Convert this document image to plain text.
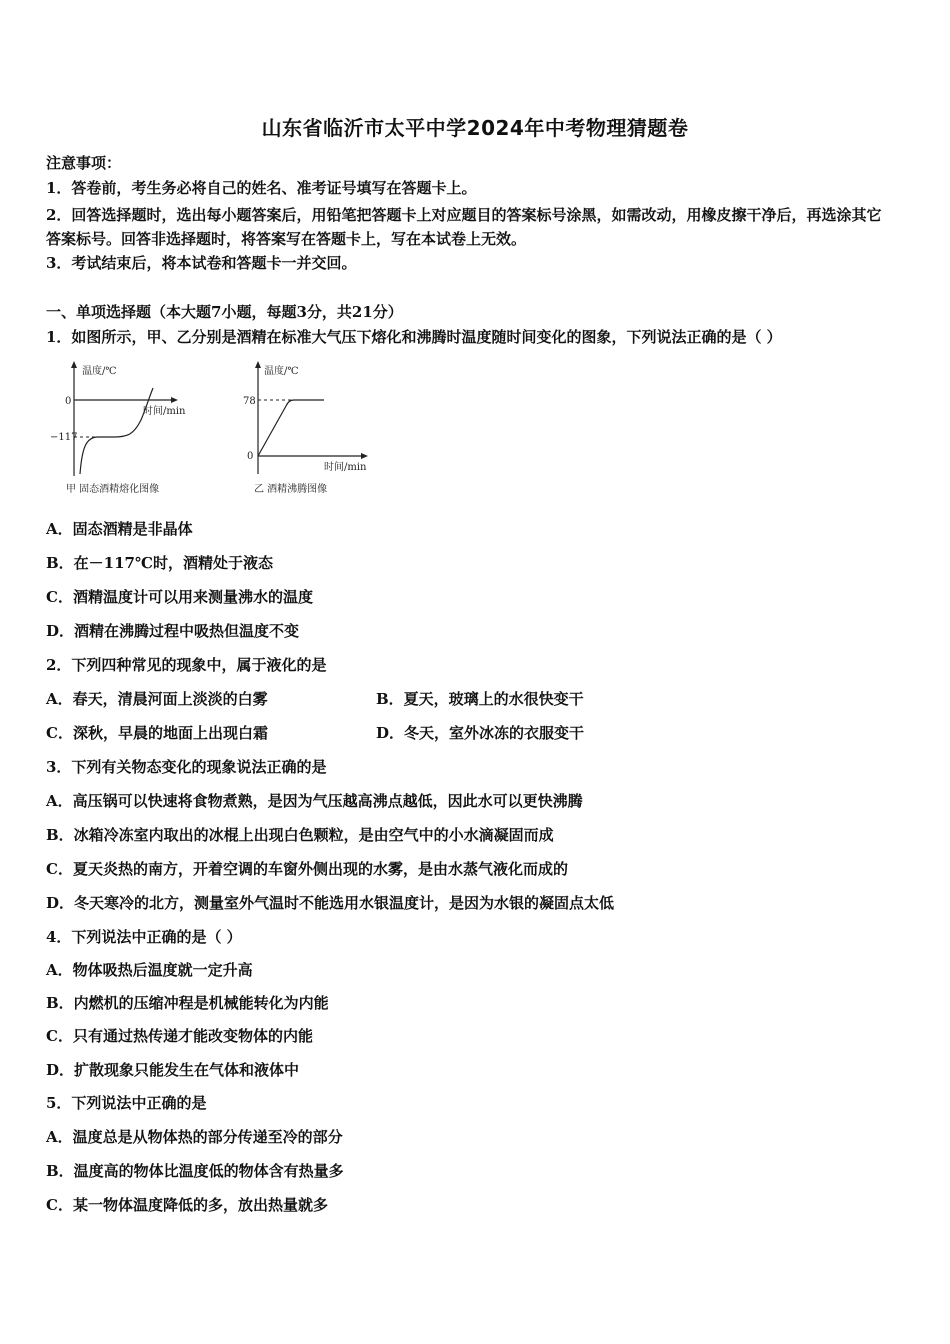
山东省临沂市太平中学2024年中考物理猜题卷
注意事项：
1．答卷前，考生务必将自己的姓名、准考证号填写在答题卡上。
2．回答选择题时，选出每小题答案后，用铅笔把答题卡上对应题目的答案标号涂黑，如需改动，用橡皮擦干净后，再选涂其它答案标号。回答非选择题时，将答案写在答题卡上，写在本试卷上无效。
3．考试结束后，将本试卷和答题卡一并交回。
一、单项选择题（本大题7小题，每题3分，共21分）
1．如图所示，甲、乙分别是酒精在标准大气压下熔化和沸腾时温度随时间变化的图象，下列说法正确的是（ ）
温度/℃
时间/min
0
−117
甲 固态酒精熔化图像
温度/℃
时间/min
78
0
乙 酒精沸腾图像
A．固态酒精是非晶体
B．在－117℃时，酒精处于液态
C．酒精温度计可以用来测量沸水的温度
D．酒精在沸腾过程中吸热但温度不变
2．下列四种常见的现象中，属于液化的是
A．春天，清晨河面上淡淡的白雾	B．夏天，玻璃上的水很快变干
C．深秋，早晨的地面上出现白霜	D．冬天，室外冰冻的衣服变干
3．下列有关物态变化的现象说法正确的是
A．高压锅可以快速将食物煮熟，是因为气压越高沸点越低，因此水可以更快沸腾
B．冰箱冷冻室内取出的冰棍上出现白色颗粒，是由空气中的小水滴凝固而成
C．夏天炎热的南方，开着空调的车窗外侧出现的水雾，是由水蒸气液化而成的
D．冬天寒冷的北方，测量室外气温时不能选用水银温度计，是因为水银的凝固点太低
4．下列说法中正确的是（ ）
A．物体吸热后温度就一定升高
B．内燃机的压缩冲程是机械能转化为内能
C．只有通过热传递才能改变物体的内能
D．扩散现象只能发生在气体和液体中
5．下列说法中正确的是
A．温度总是从物体热的部分传递至冷的部分
B．温度高的物体比温度低的物体含有热量多
C．某一物体温度降低的多，放出热量就多
